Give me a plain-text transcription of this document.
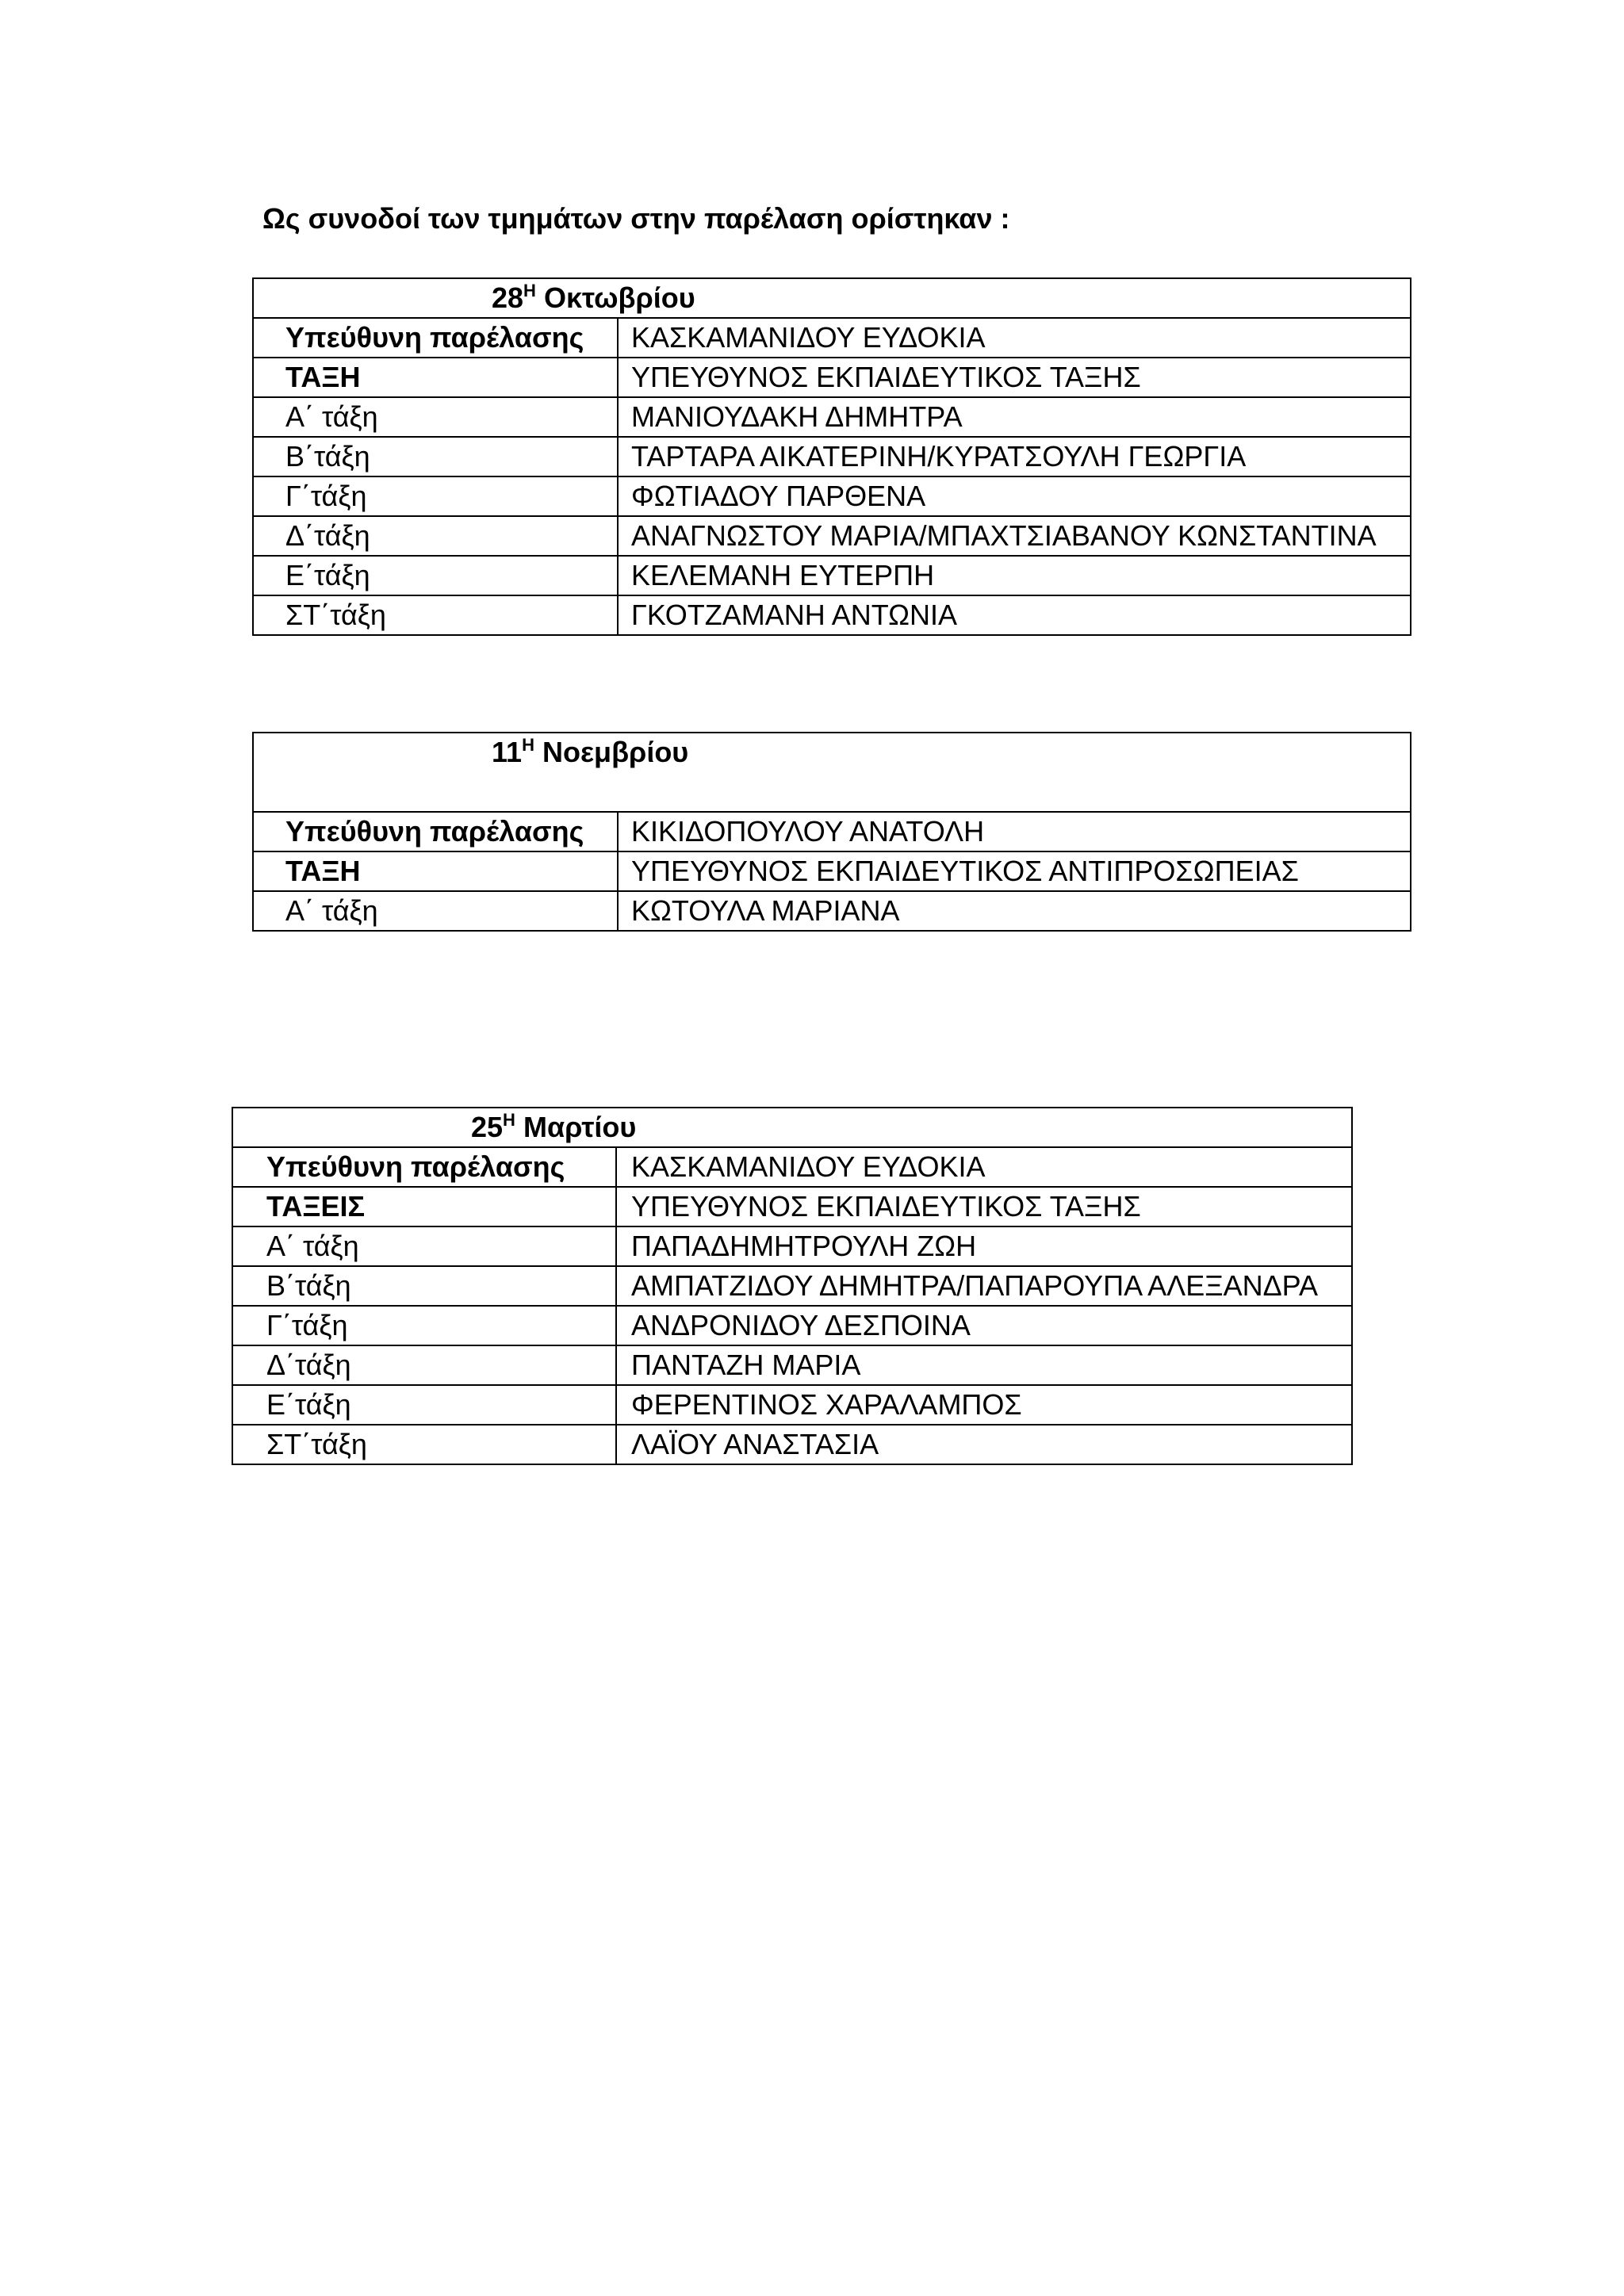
Ως συνοδοί των τμημάτων στην παρέλαση ορίστηκαν :
$28^H$ Οκτωβρίου	
Υπεύθυνη παρέλασης	ΚΑΣΚΑΜΑΝΙΔΟΥ ΕΥΔΟΚΙΑ
ΤΑΞΗ	ΥΠΕΥΘΥΝΟΣ ΕΚΠΑΙΔΕΥΤΙΚΟΣ ΤΑΞΗΣ
Α΄ τάξη	ΜΑΝΙΟΥΔΑΚΗ ΔΗΜΗΤΡΑ
Β΄τάξη	ΤΑΡΤΑΡΑ ΑΙΚΑΤΕΡΙΝΗ/ΚΥΡΑΤΣΟΥΛΗ ΓΕΩΡΓΙΑ
Γ΄τάξη	ΦΩΤΙΑΔΟΥ ΠΑΡΘΕΝΑ
Δ΄τάξη	ΑΝΑΓΝΩΣΤΟΥ ΜΑΡΙΑ/ΜΠΑΧΤΣΙΑΒΑΝΟΥ ΚΩΝΣΤΑΝΤΙΝΑ
Ε΄τάξη	ΚΕΛΕΜΑΝΗ ΕΥΤΕΡΠΗ
ΣΤ΄τάξη	ΓΚΟΤΖΑΜΑΝΗ ΑΝΤΩΝΙΑ
$11^H$ Νοεμβρίου	
Υπεύθυνη παρέλασης	ΚΙΚΙΔΟΠΟΥΛΟΥ ΑΝΑΤΟΛΗ
ΤΑΞΗ	ΥΠΕΥΘΥΝΟΣ ΕΚΠΑΙΔΕΥΤΙΚΟΣ ΑΝΤΙΠΡΟΣΩΠΕΙΑΣ
Α΄ τάξη	ΚΩΤΟΥΛΑ ΜΑΡΙΑΝΑ
$25^H$ Μαρτίου	
Υπεύθυνη παρέλασης	ΚΑΣΚΑΜΑΝΙΔΟΥ ΕΥΔΟΚΙΑ
ΤΑΞΕΙΣ	ΥΠΕΥΘΥΝΟΣ ΕΚΠΑΙΔΕΥΤΙΚΟΣ ΤΑΞΗΣ
Α΄ τάξη	ΠΑΠΑΔΗΜΗΤΡΟΥΛΗ ΖΩΗ
Β΄τάξη	ΑΜΠΑΤΖΙΔΟΥ ΔΗΜΗΤΡΑ/ΠΑΠΑΡΟΥΠΑ ΑΛΕΞΑΝΔΡΑ
Γ΄τάξη	ΑΝΔΡΟΝΙΔΟΥ ΔΕΣΠΟΙΝΑ
Δ΄τάξη	ΠΑΝΤΑΖΗ ΜΑΡΙΑ
Ε΄τάξη	ΦΕΡΕΝΤΙΝΟΣ ΧΑΡΑΛΑΜΠΟΣ
ΣΤ΄τάξη	ΛΑΪΟΥ ΑΝΑΣΤΑΣΙΑ
